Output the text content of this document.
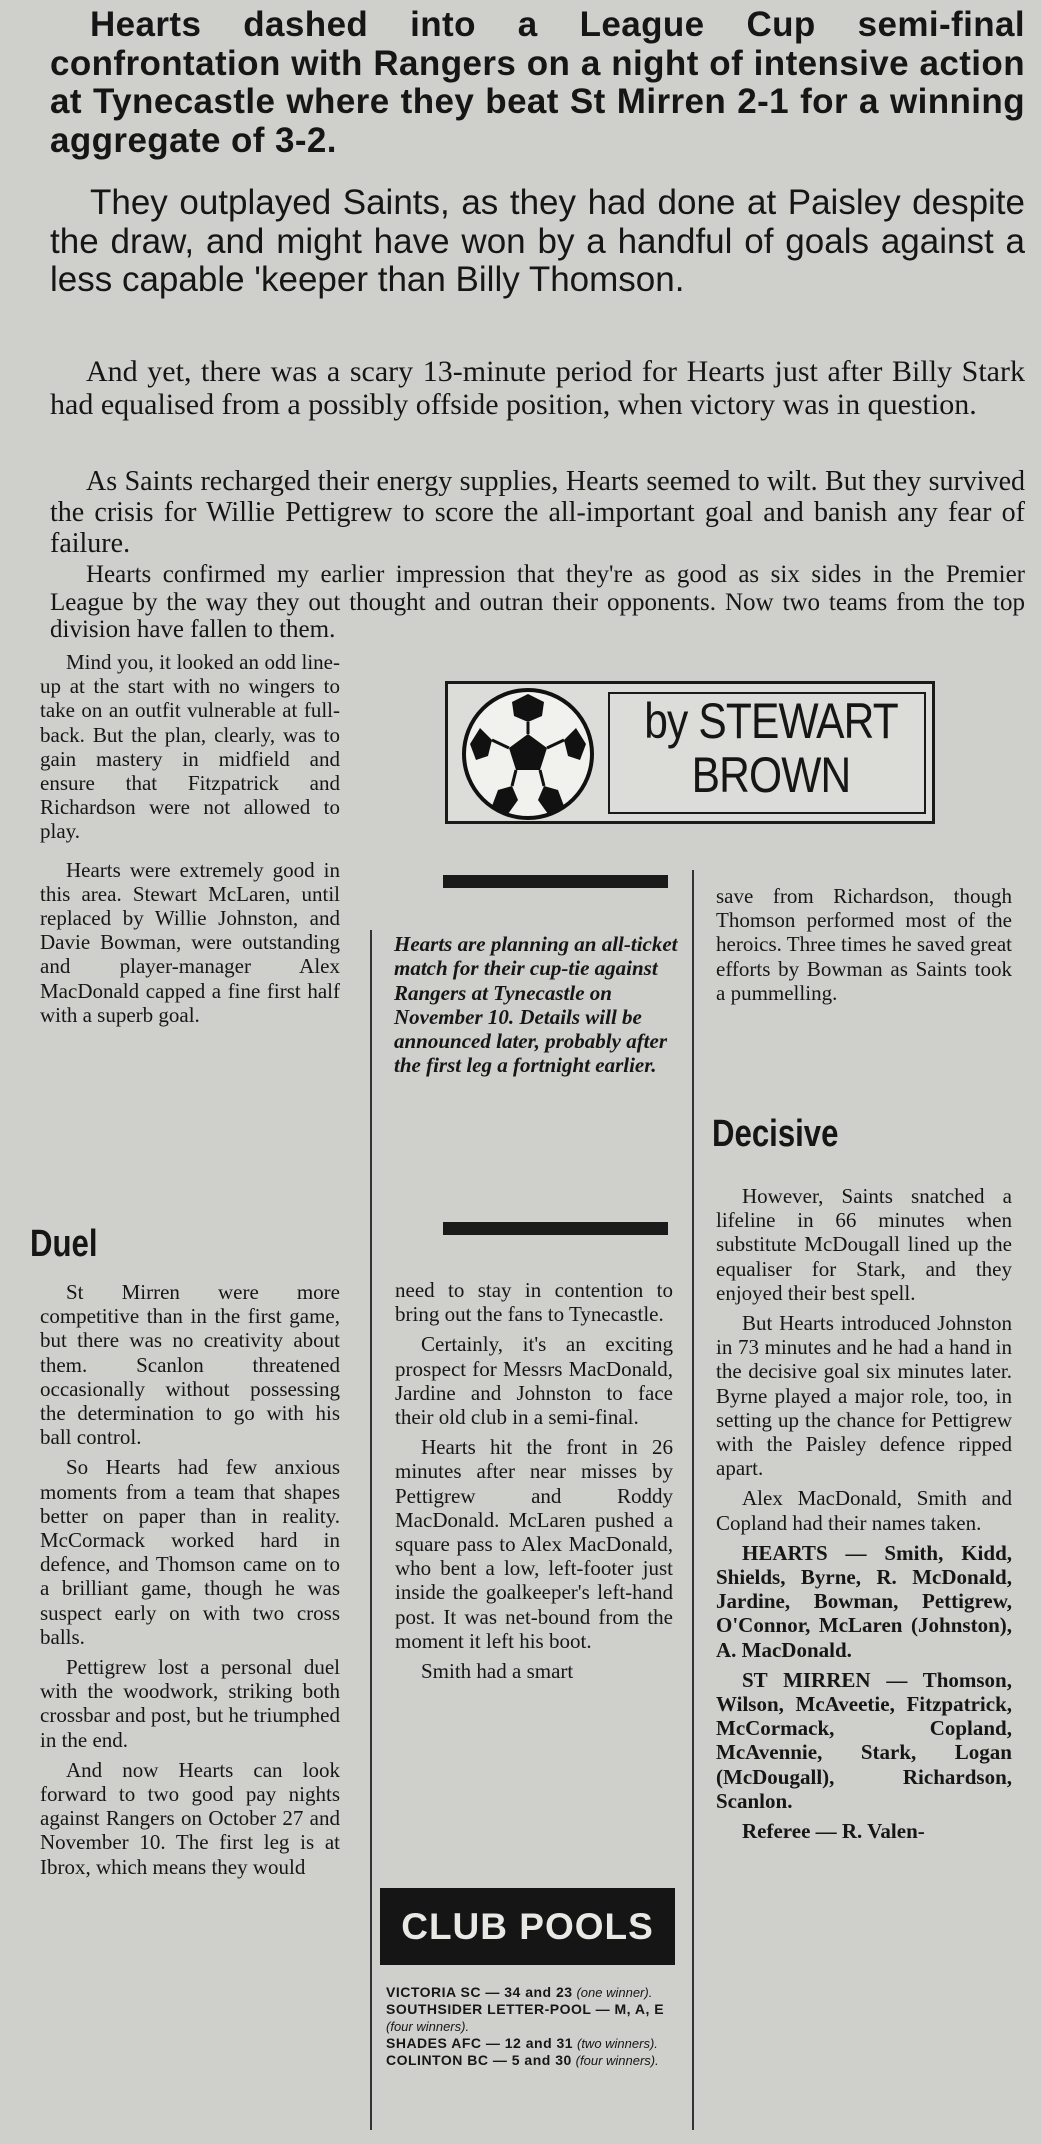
Hearts dashed into a League Cup semi-final confrontation with Rangers on a night of intensive action at Tynecastle where they beat St Mirren 2-1 for a winning aggregate of 3-2.

They outplayed Saints, as they had done at Paisley despite the draw, and might have won by a handful of goals against a less capable 'keeper than Billy Thomson.

And yet, there was a scary 13-minute period for Hearts just after Billy Stark had equalised from a possibly offside position, when victory was in question.

As Saints recharged their energy supplies, Hearts seemed to wilt. But they survived the crisis for Willie Pettigrew to score the all-important goal and banish any fear of failure.

Hearts confirmed my earlier impression that they're as good as six sides in the Premier League by the way they out thought and outran their opponents. Now two teams from the top division have fallen to them.

Mind you, it looked an odd line-up at the start with no wingers to take on an outfit vulnerable at full-back. But the plan, clearly, was to gain mastery in midfield and ensure that Fitzpatrick and Richardson were not allowed to play.

Hearts were extremely good in this area. Stewart McLaren, until replaced by Willie Johnston, and Davie Bowman, were outstanding and player-manager Alex MacDonald capped a fine first half with a superb goal.

Duel

St Mirren were more competitive than in the first game, but there was no creativity about them. Scanlon threatened occasionally without possessing the determination to go with his ball control.

So Hearts had few anxious moments from a team that shapes better on paper than in reality. McCormack worked hard in defence, and Thomson came on to a brilliant game, though he was suspect early on with two cross balls.

Pettigrew lost a personal duel with the woodwork, striking both crossbar and post, but he triumphed in the end.

And now Hearts can look forward to two good pay nights against Rangers on October 27 and November 10. The first leg is at Ibrox, which means they would

by STEWART
BROWN

Hearts are planning an all-ticket match for their cup-tie against Rangers at Tynecastle on November 10. Details will be announced later, probably after the first leg a fortnight earlier.

need to stay in contention to bring out the fans to Tynecastle.

Certainly, it's an exciting prospect for Messrs MacDonald, Jardine and Johnston to face their old club in a semi-final.

Hearts hit the front in 26 minutes after near misses by Pettigrew and Roddy MacDonald. McLaren pushed a square pass to Alex MacDonald, who bent a low, left-footer just inside the goalkeeper's left-hand post. It was net-bound from the moment it left his boot.

Smith had a smart

CLUB POOLS
VICTORIA SC — 34 and 23 (one winner).
SOUTHSIDER LETTER-POOL — M, A, E (four winners).
SHADES AFC — 12 and 31 (two winners).
COLINTON BC — 5 and 30 (four winners).

save from Richardson, though Thomson performed most of the heroics. Three times he saved great efforts by Bowman as Saints took a pummelling.

Decisive

However, Saints snatched a lifeline in 66 minutes when substitute McDougall lined up the equaliser for Stark, and they enjoyed their best spell.

But Hearts introduced Johnston in 73 minutes and he had a hand in the decisive goal six minutes later. Byrne played a major role, too, in setting up the chance for Pettigrew with the Paisley defence ripped apart.

Alex MacDonald, Smith and Copland had their names taken.

HEARTS — Smith, Kidd, Shields, Byrne, R. McDonald, Jardine, Bowman, Pettigrew, O'Connor, McLaren (Johnston), A. MacDonald.

ST MIRREN — Thomson, Wilson, McAveetie, Fitzpatrick, McCormack, Copland, McAvennie, Stark, Logan (McDougall), Richardson, Scanlon.

Referee — R. Valen-
